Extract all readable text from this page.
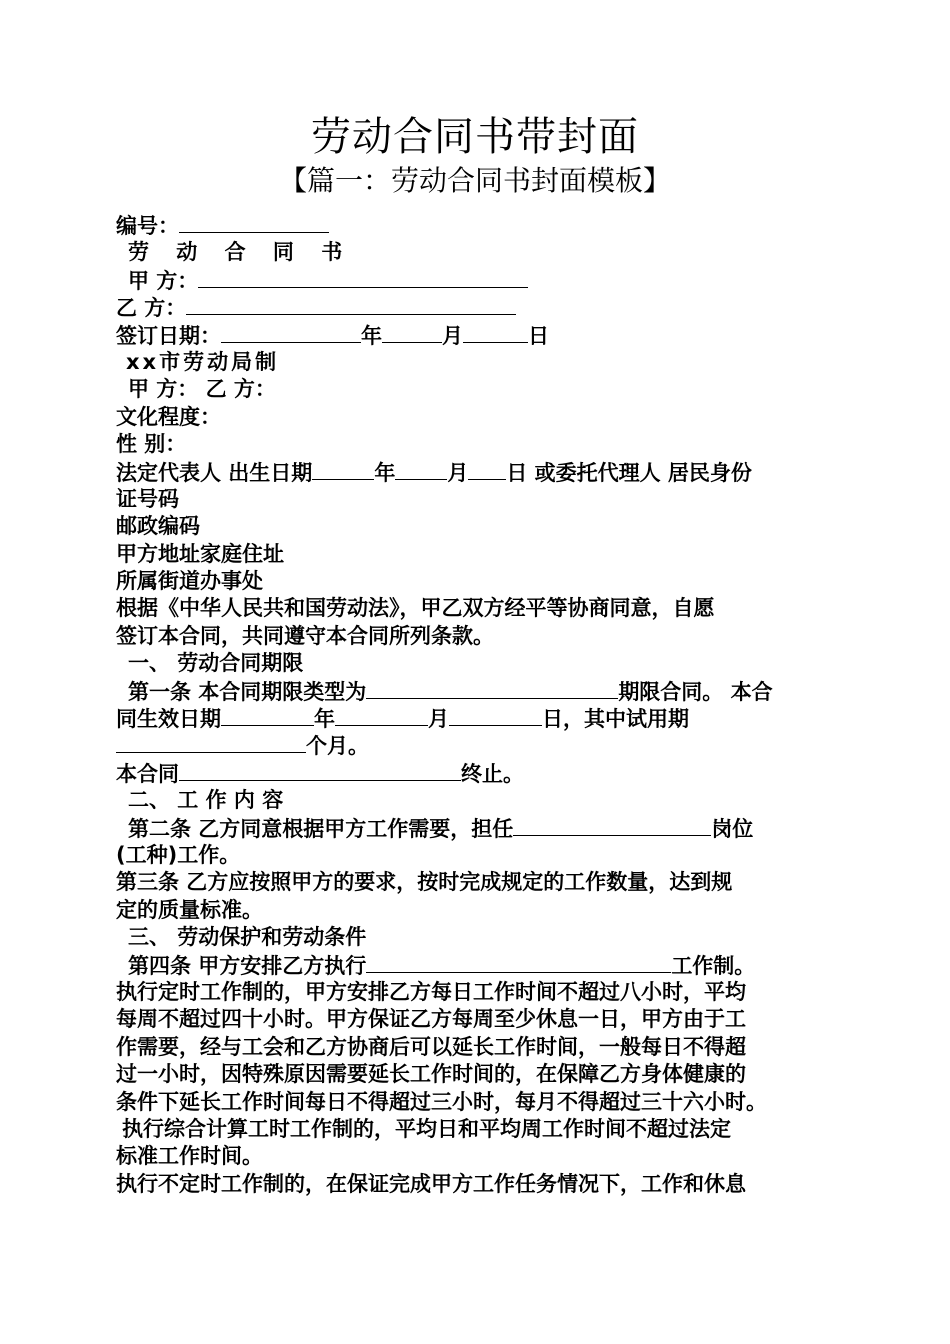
劳动合同书带封面
【篇一：劳动合同书封面模板】
编号：
劳 动 合 同 书
甲 方：
乙 方：
签订日期：	年	月	日
xx市劳动局制
甲 方： 乙 方：
文化程度：
性 别：
法定代表人 出生日期	年 月 日 或委托代理人 居民身份
证号码
邮政编码
甲方地址家庭住址
所属街道办事处
根据《中华人民共和国劳动法》，甲乙双方经平等协商同意，自愿
签订本合同，共同遵守本合同所列条款。
一、 劳动合同期限
第一条 本合同期限类型为	期限合同。 本合
同生效日期	年	月	日，其中试用期
个月。
本合同	终止。
二、 工 作 内 容
第二条 乙方同意根据甲方工作需要，担任	岗位
(工种)工作。
第三条 乙方应按照甲方的要求，按时完成规定的工作数量，达到规
定的质量标准。
三、 劳动保护和劳动条件
第四条 甲方安排乙方执行	工作制。
执行定时工作制的，甲方安排乙方每日工作时间不超过八小时，平均
每周不超过四十小时。甲方保证乙方每周至少休息一日，甲方由于工
作需要，经与工会和乙方协商后可以延长工作时间，一般每日不得超
过一小时，因特殊原因需要延长工作时间的，在保障乙方身体健康的
条件下延长工作时间每日不得超过三小时，每月不得超过三十六小时。
执行综合计算工时工作制的，平均日和平均周工作时间不超过法定
标准工作时间。
执行不定时工作制的，在保证完成甲方工作任务情况下，工作和休息
